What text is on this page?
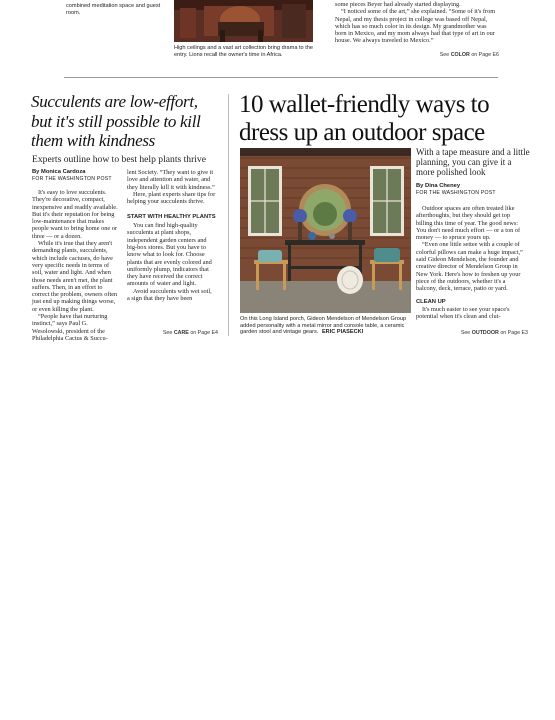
combined meditation space and guest room.
High ceilings and a vast art collection bring drama to the entry. Lions recall the owner's time in Africa.

some pieces Beyer had already started displaying.

“I noticed some of the art,” she explained. “Some of it's from Nepal, and my thesis project in college was based off Nepal, which has so much color in its design. My grandmother was born in Mexico, and my mom always had that type of art in our house. We always traveled to Mexico.”

See COLOR on Page E6
Succulents are low-effort, but it's still possible to kill them with kindness
Experts outline how to best help plants thrive
By Monica Cardoza
FOR THE WASHINGTON POST

It's easy to love succulents. They're decorative, compact, inexpensive and readily available. But it's their reputation for being low-maintenance that makes people want to bring home one or three — or a dozen.

While it's true that they aren't demanding plants, succulents, which include cactuses, do have very specific needs in terms of soil, water and light. And when those needs aren't met, the plant suffers. Then, in an effort to correct the problem, owners often just end up making things worse, or even killing the plant.

“People have that nurturing instinct,” says Paul G. Wesolowski, president of the Philadelphia Cactus & Succu-

lent Society. “They want to give it love and attention and water, and they literally kill it with kindness.”

Here, plant experts share tips for helping your succulents thrive.

START WITH HEALTHY PLANTS

You can find high-quality succulents at plant shops, independent garden centers and big-box stores. But you have to know what to look for. Choose plants that are evenly colored and uniformly plump, indicators that they have received the correct amounts of water and light.

Avoid succulents with wet soil, a sign that they have been

See CARE on Page E4
10 wallet-friendly ways to dress up an outdoor space
On this Long Island porch, Gideon Mendelson of Mendelson Group added personality with a metal mirror and console table, a ceramic garden stool and vintage gears. ERIC PIASECKI
With a tape measure and a little planning, you can give it a more polished look
By Dina Cheney
FOR THE WASHINGTON POST

Outdoor spaces are often treated like afterthoughts, but they should get top billing this time of year. The good news: You don't need much effort — or a ton of money — to spruce yours up.

“Even one little settee with a couple of colorful pillows can make a huge impact,” said Gideon Mendelson, the founder and creative director of Mendelson Group in New York. Here's how to freshen up your piece of the outdoors, whether it's a balcony, deck, terrace, patio or yard.

CLEAN UP

It's much easier to see your space's potential when it's clean and clut-

See OUTDOOR on Page E3
